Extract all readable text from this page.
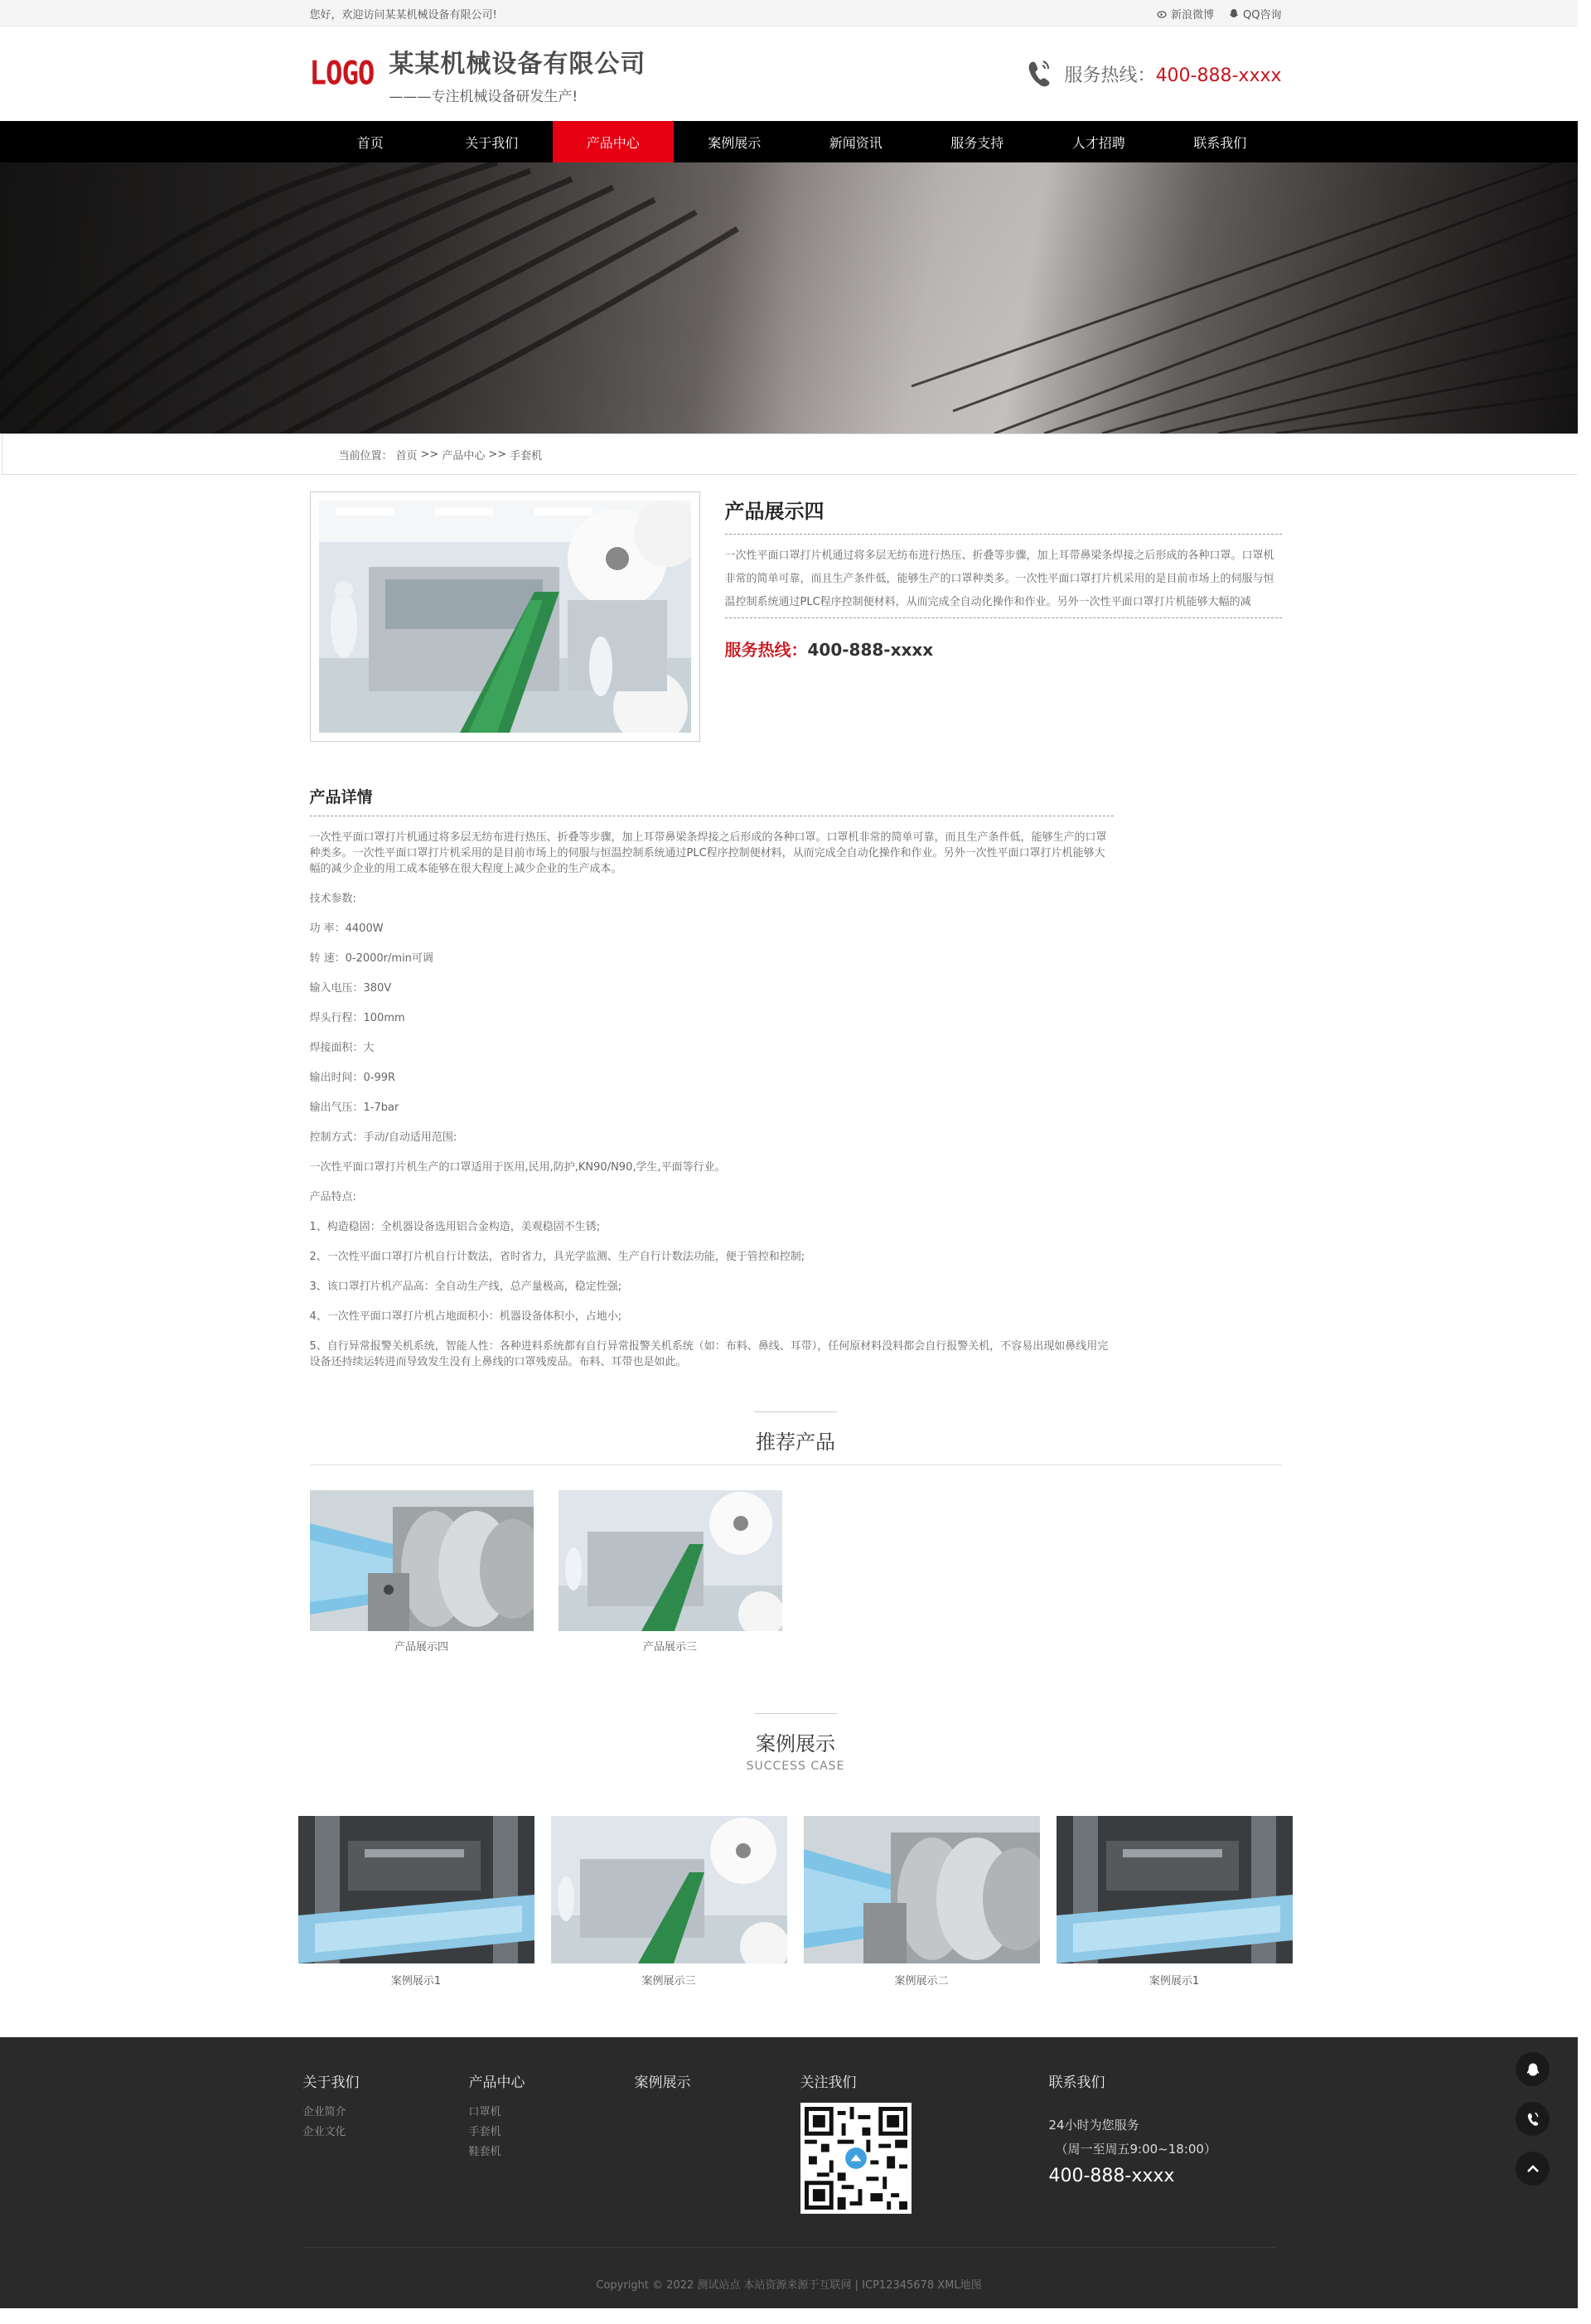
您好，欢迎访问某某机械设备有限公司!	新浪微博	QQ咨询
LOGO 某某机械设备有限公司
———专注机械设备研发生产!
服务热线：400-888-xxxx
首页	关于我们	产品中心	案例展示	新闻资讯	服务支持	人才招聘	联系我们
当前位置： 首页 >> 产品中心 >> 手套机
产品展示四

一次性平面口罩打片机通过将多层无纺布进行热压、折叠等步骤，加上耳带鼻梁条焊接之后形成的各种口罩。口罩机非常的简单可靠，而且生产条件低，能够生产的口罩种类多。一次性平面口罩打片机采用的是目前市场上的伺服与恒温控制系统通过PLC程序控制便材料，从而完成全自动化操作和作业。另外一次性平面口罩打片机能够大幅的减

服务热线：400-888-xxxx
产品详情
一次性平面口罩打片机通过将多层无纺布进行热压、折叠等步骤，加上耳带鼻梁条焊接之后形成的各种口罩。口罩机非常的简单可靠，而且生产条件低，能够生产的口罩种类多。一次性平面口罩打片机采用的是目前市场上的伺服与恒温控制系统通过PLC程序控制便材料，从而完成全自动化操作和作业。另外一次性平面口罩打片机能够大幅的减少企业的用工成本能够在很大程度上减少企业的生产成本。
技术参数:
功 率：4400W
转 速：0-2000r/min可调
输入电压：380V
焊头行程：100mm
焊接面积：大
输出时间：0-99R
输出气压：1-7bar
控制方式：手动/自动适用范围:
一次性平面口罩打片机生产的口罩适用于医用,民用,防护,KN90/N90,学生,平面等行业。
产品特点:
1、构造稳固：全机器设备选用铝合金构造，美观稳固不生锈;
2、一次性平面口罩打片机自行计数法，省时省力，具光学监测、生产自行计数法功能，便于管控和控制;
3、该口罩打片机产品高：全自动生产线，总产量极高，稳定性强;
4、一次性平面口罩打片机占地面积小：机器设备体积小，占地小;
5、自行异常报警关机系统，智能人性：各种进料系统都有自行异常报警关机系统（如：布料、鼻线、耳带），任何原材料没料都会自行报警关机，不容易出现如鼻线用完设备还持续运转进而导致发生没有上鼻线的口罩残废品。布料、耳带也是如此。
推荐产品
产品展示四	产品展示三
案例展示
SUCCESS CASE
案例展示1	案例展示三	案例展示二	案例展示1
关于我们
企业简介
企业文化
产品中心
口罩机
手套机
鞋套机
案例展示	关注我们	联系我们
24小时为您服务
（周一至周五9:00~18:00）
400-888-xxxx
Copyright © 2022 测试站点 本站资源来源于互联网 | ICP12345678 XML地图
